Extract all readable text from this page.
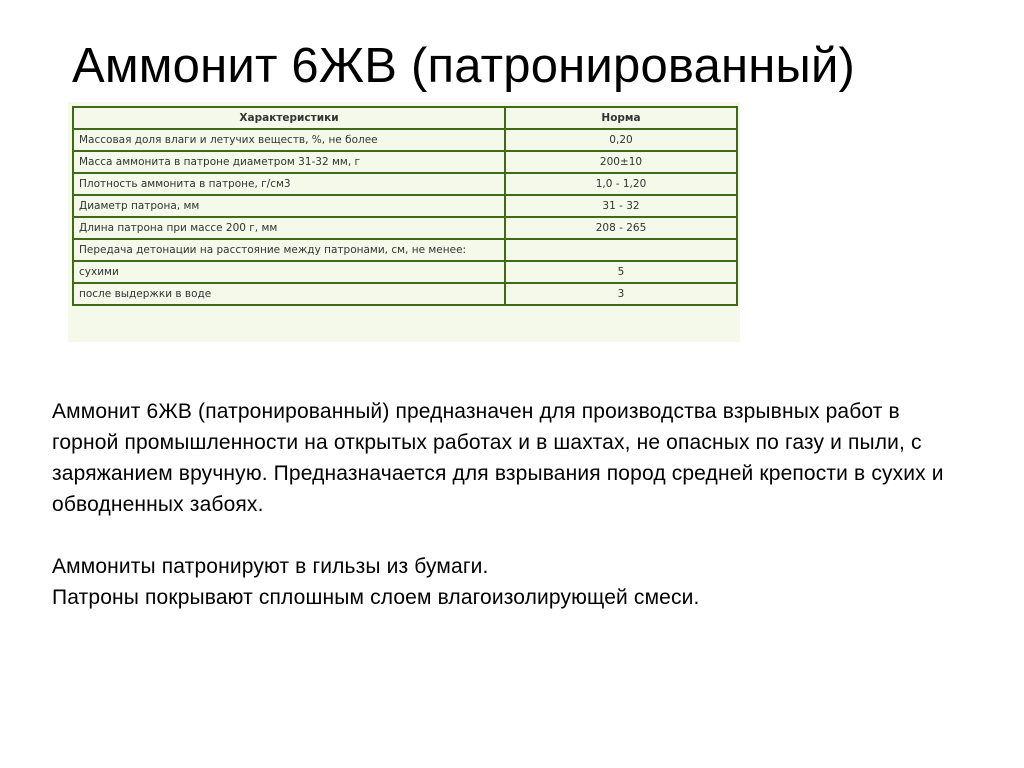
Аммонит 6ЖВ (патронированный)
Характеристики	Норма
Массовая доля влаги и летучих веществ, %, не более	0,20
Масса аммонита в патроне диаметром 31-32 мм, г	200±10
Плотность аммонита в патроне, г/см3	1,0 - 1,20
Диаметр патрона, мм	31 - 32
Длина патрона при массе 200 г, мм	208 - 265
Передача детонации на расстояние между патронами, см, не менее:	
сухими	5
после выдержки в воде	3

Аммонит 6ЖВ (патронированный) предназначен для производства взрывных работ в горной промышленности на открытых работах и в шахтах, не опасных по газу и пыли, с заряжанием вручную. Предназначается для взрывания пород средней крепости в сухих и обводненных забоях.

Аммониты патронируют в гильзы из бумаги.

Патроны покрывают сплошным слоем влагоизолирующей смеси.
